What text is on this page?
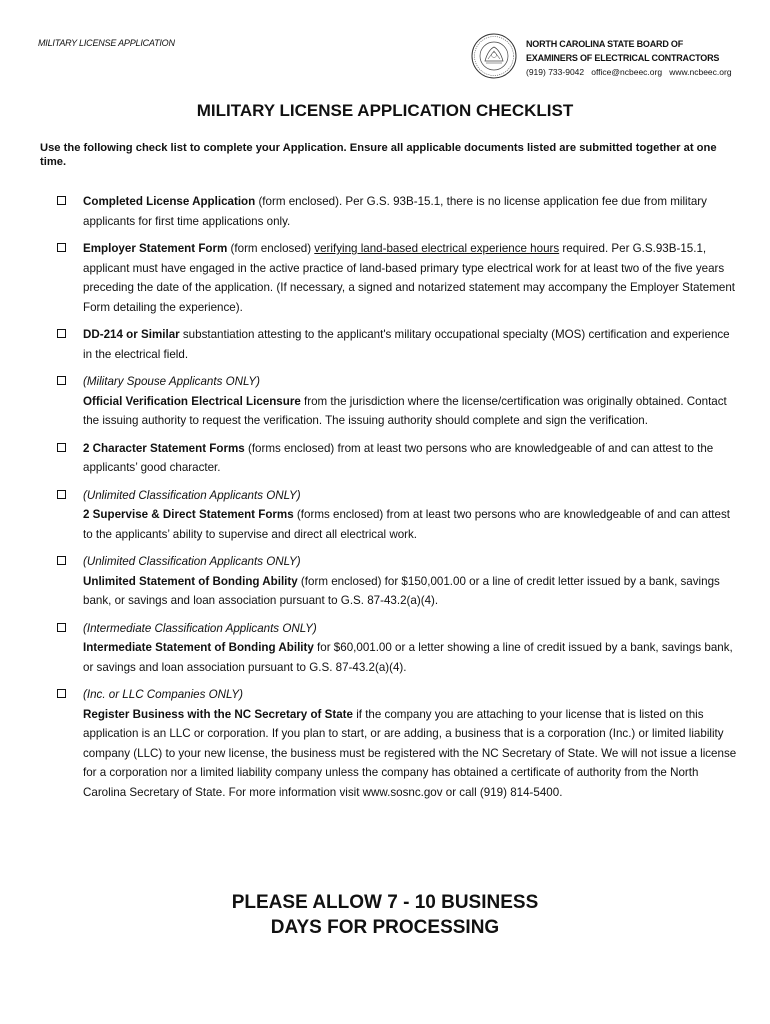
MILITARY LICENSE APPLICATION	NORTH CAROLINA STATE BOARD OF
EXAMINERS OF ELECTRICAL CONTRACTORS
(919) 733-9042 office@ncbeec.org www.ncbeec.org
MILITARY LICENSE APPLICATION CHECKLIST
Use the following check list to complete your Application. Ensure all applicable documents listed are submitted together at one time.
Completed License Application (form enclosed). Per G.S. 93B-15.1, there is no license application fee due from military applicants for first time applications only.
Employer Statement Form (form enclosed) verifying land-based electrical experience hours required. Per G.S.93B-15.1, applicant must have engaged in the active practice of land-based primary type electrical work for at least two of the five years preceding the date of the application. (If necessary, a signed and notarized statement may accompany the Employer Statement Form detailing the experience).
DD-214 or Similar substantiation attesting to the applicant's military occupational specialty (MOS) certification and experience in the electrical field.
(Military Spouse Applicants ONLY)
Official Verification Electrical Licensure from the jurisdiction where the license/certification was originally obtained. Contact the issuing authority to request the verification. The issuing authority should complete and sign the verification.
2 Character Statement Forms (forms enclosed) from at least two persons who are knowledgeable of and can attest to the applicants’ good character.
(Unlimited Classification Applicants ONLY)
2 Supervise & Direct Statement Forms (forms enclosed) from at least two persons who are knowledgeable of and can attest to the applicants’ ability to supervise and direct all electrical work.
(Unlimited Classification Applicants ONLY)
Unlimited Statement of Bonding Ability (form enclosed) for $150,001.00 or a line of credit letter issued by a bank, savings bank, or savings and loan association pursuant to G.S. 87-43.2(a)(4).
(Intermediate Classification Applicants ONLY)
Intermediate Statement of Bonding Ability for $60,001.00 or a letter showing a line of credit issued by a bank, savings bank, or savings and loan association pursuant to G.S. 87-43.2(a)(4).
(Inc. or LLC Companies ONLY)
Register Business with the NC Secretary of State if the company you are attaching to your license that is listed on this application is an LLC or corporation. If you plan to start, or are adding, a business that is a corporation (Inc.) or limited liability company (LLC) to your new license, the business must be registered with the NC Secretary of State. We will not issue a license for a corporation nor a limited liability company unless the company has obtained a certificate of authority from the North Carolina Secretary of State. For more information visit www.sosnc.gov or call (919) 814-5400.
PLEASE ALLOW 7 - 10 BUSINESS
DAYS FOR PROCESSING
